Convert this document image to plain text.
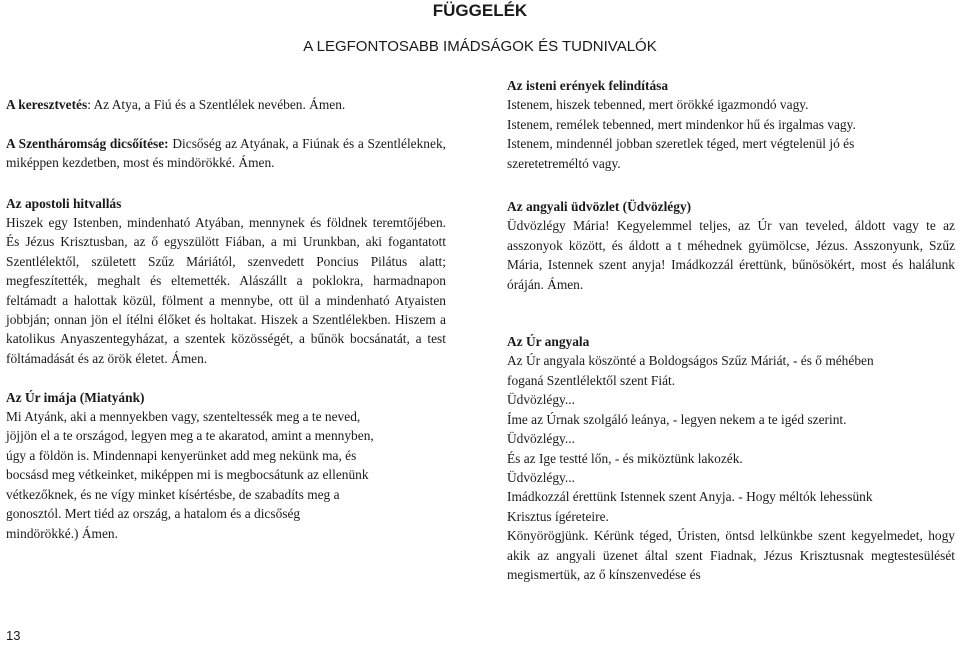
FÜGGELÉK
A LEGFONTOSABB IMÁDSÁGOK ÉS TUDNIVALÓK
A keresztvetés: Az Atya, a Fiú és a Szentlélek nevében. Ámen.
A Szentháromság dicsőítése: Dicsőség az Atyának, a Fiúnak és a Szentléleknek, miképpen kezdetben, most és mindörökké. Ámen.

Az apostoli hitvallás

Hiszek egy Istenben, mindenható Atyában, mennynek és földnek teremtőjében. És Jézus Krisztusban, az ő egyszülött Fiában, a mi Urunkban, aki fogantatott Szentlélektől, született Szűz Máriától, szenvedett Poncius Pilátus alatt; megfeszítették, meghalt és eltemették. Alászállt a poklokra, harmadnapon feltámadt a halottak közül, fölment a mennybe, ott ül a mindenható Atyaisten jobbján; onnan jön el ítélni élőket és holtakat. Hiszek a Szentlélekben. Hiszem a katolikus Anyaszentegyházat, a szentek közösségét, a bűnök bocsánatát, a test föltámadását és az örök életet. Ámen.

Az Úr imája (Miatyánk)

Mi Atyánk, aki a mennyekben vagy, szenteltessék meg a te neved,
jöjjön el a te országod, legyen meg a te akaratod, amint a mennyben,
úgy a földön is. Mindennapi kenyerünket add meg nekünk ma, és
bocsásd meg vétkeinket, miképpen mi is megbocsátunk az ellenünk
vétkezőknek, és ne vígy minket kísértésbe, de szabadíts meg a
gonosztól. Mert tiéd az ország, a hatalom és a dicsőség
mindörökké.) Ámen.

Az isteni erények felindítása

Istenem, hiszek tebenned, mert örökké igazmondó vagy.
Istenem, remélek tebenned, mert mindenkor hű és irgalmas vagy.
Istenem, mindennél jobban szeretlek téged, mert végtelenül jó és
szeretetreméltó vagy.

Az angyali üdvözlet (Üdvözlégy)

Üdvözlégy Mária! Kegyelemmel teljes, az Úr van teveled, áldott vagy te az asszonyok között, és áldott a t méhednek gyümölcse, Jézus. Asszonyunk, Szűz Mária, Istennek szent anyja! Imádkozzál érettünk, bűnösökért, most és halálunk óráján. Ámen.

Az Úr angyala

Az Úr angyala köszönté a Boldogságos Szűz Máriát, - és ő méhében
foganá Szentlélektől szent Fiát.
Üdvözlégy...
Íme az Úrnak szolgáló leánya, - legyen nekem a te igéd szerint.
Üdvözlégy...
És az Ige testté lőn, - és miköztünk lakozék.
Üdvözlégy...
Imádkozzál érettünk Istennek szent Anyja. - Hogy méltók lehessünk
Krisztus ígéreteire.

Könyörögjünk. Kérünk téged, Úristen, öntsd lelkünkbe szent kegyelmedet, hogy akik az angyali üzenet által szent Fiadnak, Jézus Krisztusnak megtestesülését megismertük, az ő kínszenvedése és

13
